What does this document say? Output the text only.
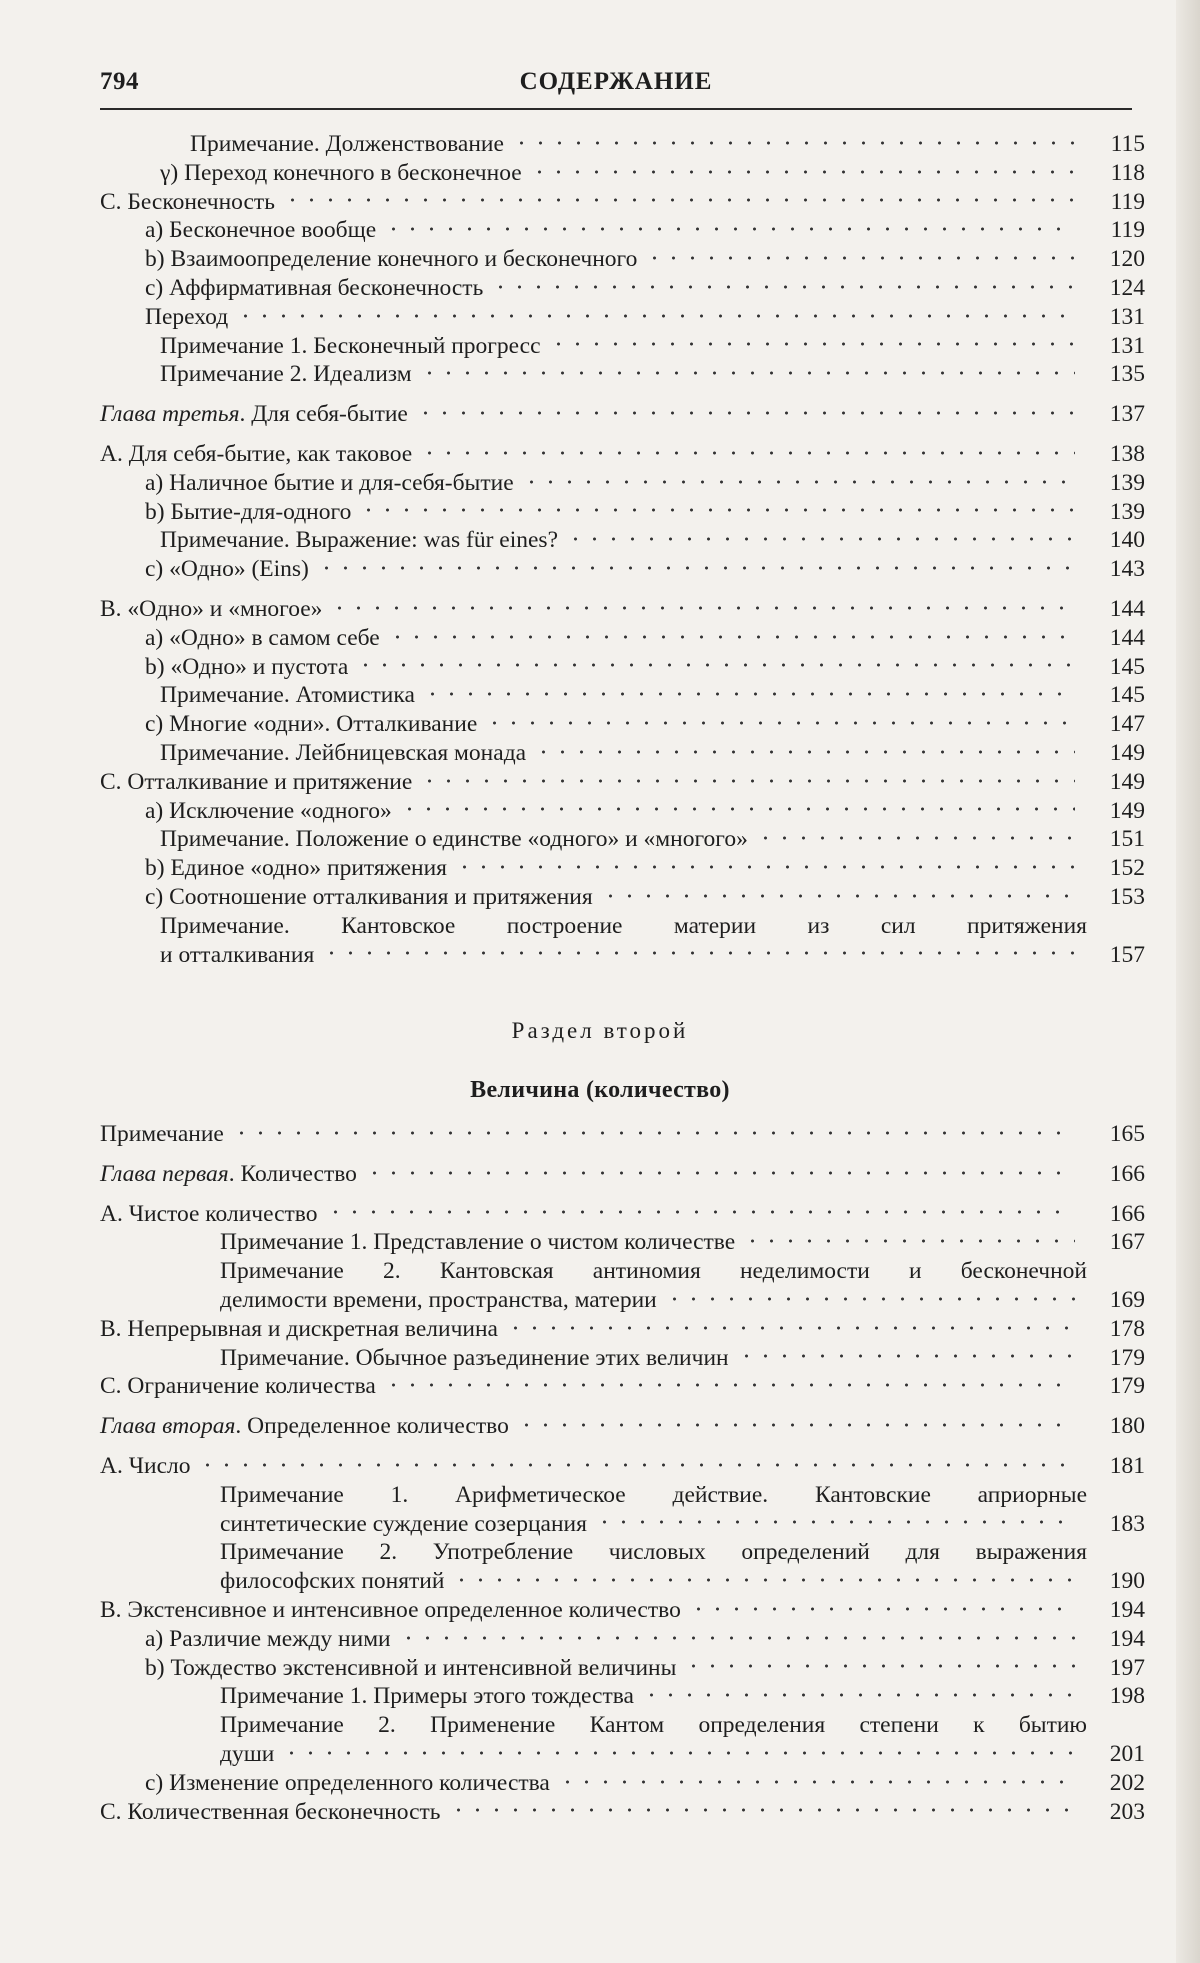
794	СОДЕРЖАНИЕ
Примечание. Долженствование	115
γ) Переход конечного в бесконечное	118
С. Бесконечность	119
a) Бесконечное вообще	119
b) Взаимоопределение конечного и бесконечного	120
c) Аффирмативная бесконечность	124
Переход	131
Примечание 1. Бесконечный прогресс	131
Примечание 2. Идеализм	135
Глава третья. Для себя-бытие	137
А. Для себя-бытие, как таковое	138
a) Наличное бытие и для-себя-бытие	139
b) Бытие-для-одного	139
Примечание. Выражение: was für eines?	140
c) «Одно» (Eins)	143
В. «Одно» и «многое»	144
a) «Одно» в самом себе	144
b) «Одно» и пустота	145
Примечание. Атомистика	145
c) Многие «одни». Отталкивание	147
Примечание. Лейбницевская монада	149
С. Отталкивание и притяжение	149
a) Исключение «одного»	149
Примечание. Положение о единстве «одного» и «многого»	151
b) Единое «одно» притяжения	152
c) Соотношение отталкивания и притяжения	153
Примечание. Кантовское построение материи из сил притяжения
и отталкивания	157
Раздел второй
Величина (количество)
Примечание	165
Глава первая. Количество	166
А. Чистое количество	166
Примечание 1. Представление о чистом количестве	167
Примечание 2. Кантовская антиномия неделимости и бесконечной
делимости времени, пространства, материи	169
В. Непрерывная и дискретная величина	178
Примечание. Обычное разъединение этих величин	179
С. Ограничение количества	179
Глава вторая. Определенное количество	180
А. Число	181
Примечание 1. Арифметическое действие. Кантовские априорные
синтетические суждение созерцания	183
Примечание 2. Употребление числовых определений для выражения
философских понятий	190
В. Экстенсивное и интенсивное определенное количество	194
a) Различие между ними	194
b) Тождество экстенсивной и интенсивной величины	197
Примечание 1. Примеры этого тождества	198
Примечание 2. Применение Кантом определения степени к бытию
души	201
c) Изменение определенного количества	202
С. Количественная бесконечность	203
